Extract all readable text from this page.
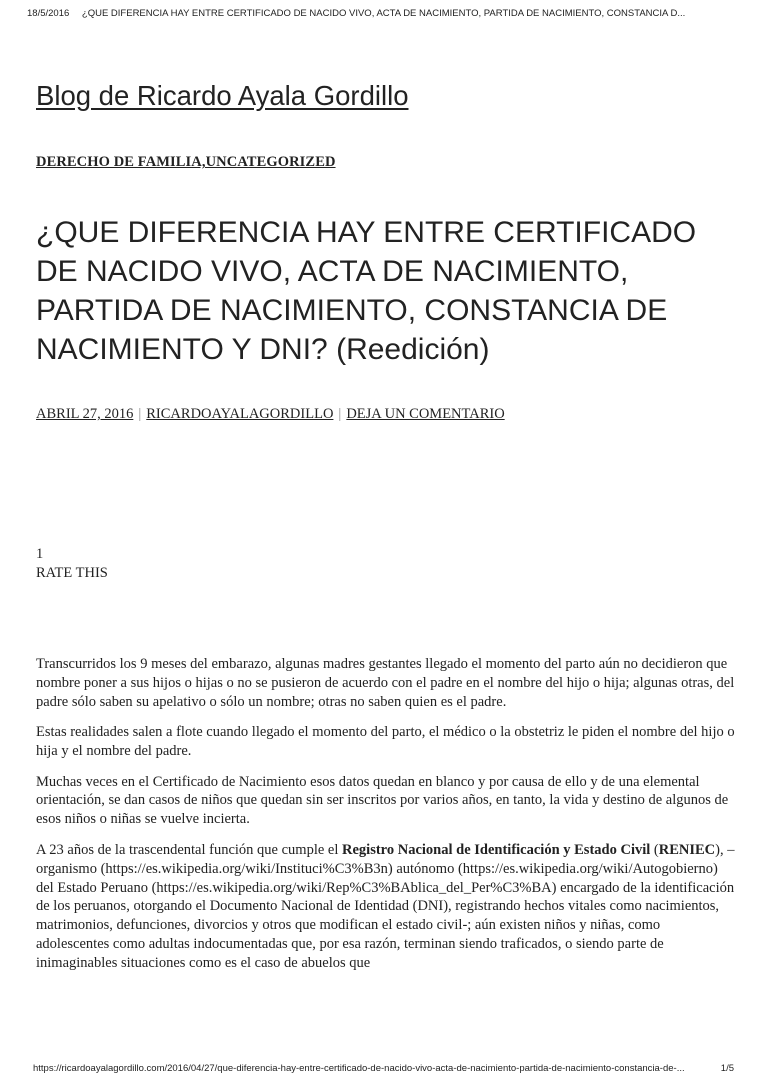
18/5/2016 ¿QUE DIFERENCIA HAY ENTRE CERTIFICADO DE NACIDO VIVO, ACTA DE NACIMIENTO, PARTIDA DE NACIMIENTO, CONSTANCIA D...
Blog de Ricardo Ayala Gordillo
DERECHO DE FAMILIA,UNCATEGORIZED
¿QUE DIFERENCIA HAY ENTRE CERTIFICADO DE NACIDO VIVO, ACTA DE NACIMIENTO, PARTIDA DE NACIMIENTO, CONSTANCIA DE NACIMIENTO Y DNI? (Reedición)
ABRIL 27, 2016 | RICARDOAYALAGORDILLO | DEJA UN COMENTARIO
1
RATE THIS

Transcurridos los 9 meses del embarazo, algunas madres gestantes llegado el momento del parto aún no decidieron que nombre poner a sus hijos o hijas o no se pusieron de acuerdo con el padre en el nombre del hijo o hija; algunas otras, del padre sólo saben su apelativo o sólo un nombre; otras no saben quien es el padre.

Estas realidades salen a flote cuando llegado el momento del parto, el médico o la obstetriz le piden el nombre del hijo o hija y el nombre del padre.

Muchas veces en el Certificado de Nacimiento esos datos quedan en blanco y por causa de ello y de una elemental orientación, se dan casos de niños que quedan sin ser inscritos por varios años, en tanto, la vida y destino de algunos de esos niños o niñas se vuelve incierta.

A 23 años de la trascendental función que cumple el Registro Nacional de Identificación y Estado Civil (RENIEC), –organismo (https://es.wikipedia.org/wiki/Instituci%C3%B3n) autónomo (https://es.wikipedia.org/wiki/Autogobierno) del Estado Peruano (https://es.wikipedia.org/wiki/Rep%C3%BAblica_del_Per%C3%BA) encargado de la identificación de los peruanos, otorgando el Documento Nacional de Identidad (DNI), registrando hechos vitales como nacimientos, matrimonios, defunciones, divorcios y otros que modifican el estado civil-; aún existen niños y niñas, como adolescentes como adultas indocumentadas que, por esa razón, terminan siendo traficados, o siendo parte de inimaginables situaciones como es el caso de abuelos que

https://ricardoayalagordillo.com/2016/04/27/que-diferencia-hay-entre-certificado-de-nacido-vivo-acta-de-nacimiento-partida-de-nacimiento-constancia-de-...	1/5
